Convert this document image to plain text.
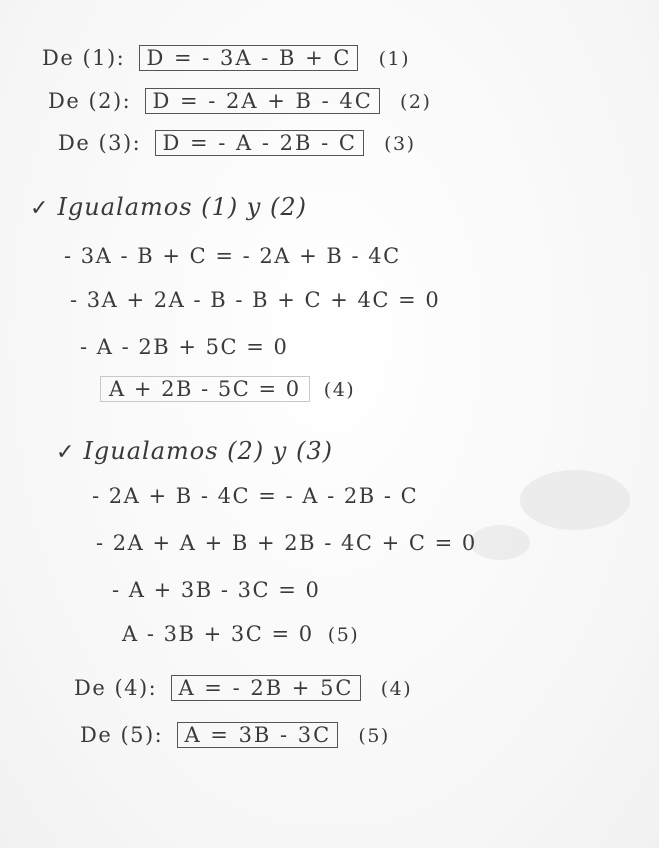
De (1): D = - 3A - B + C (1)
De (2): D = - 2A + B - 4C (2)
De (3): D = - A - 2B - C (3)
✓ Igualamos (1) y (2)
- 3A - B + C = - 2A + B - 4C
- 3A + 2A - B - B + C + 4C = 0
- A - 2B + 5C = 0
A + 2B - 5C = 0 (4)
✓ Igualamos (2) y (3)
- 2A + B - 4C = - A - 2B - C
- 2A + A + B + 2B - 4C + C = 0
- A + 3B - 3C = 0
A - 3B + 3C = 0 (5)
De (4): A = - 2B + 5C (4)
De (5): A = 3B - 3C (5)
